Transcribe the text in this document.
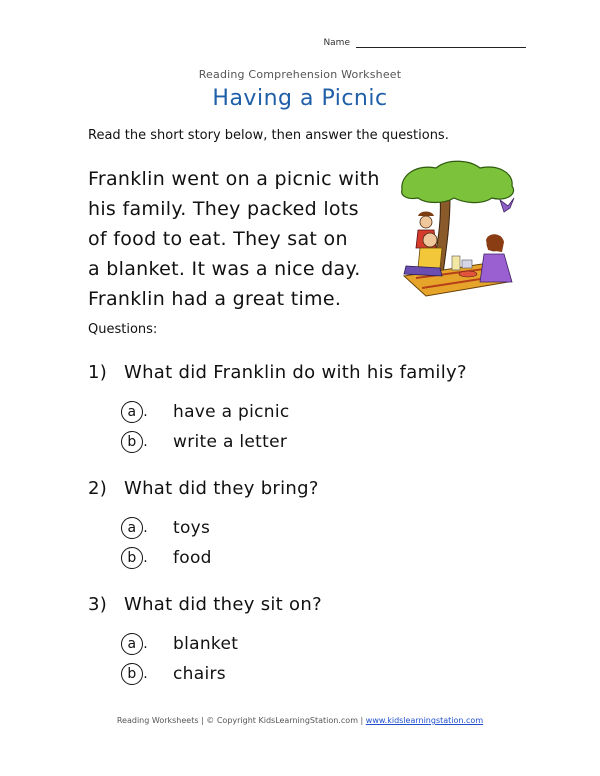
Name
Reading Comprehension Worksheet
Having a Picnic
Read the short story below, then answer the questions.

Franklin went on a picnic with
his family. They packed lots
of food to eat. They sat on
a blanket. It was a nice day.
Franklin had a great time.

Questions:
1) What did Franklin do with his family?
a . have a picnic
b . write a letter
2) What did they bring?
a . toys
b . food
3) What did they sit on?
a . blanket
b . chairs
Reading Worksheets | © Copyright KidsLearningStation.com | www.kidslearningstation.com
